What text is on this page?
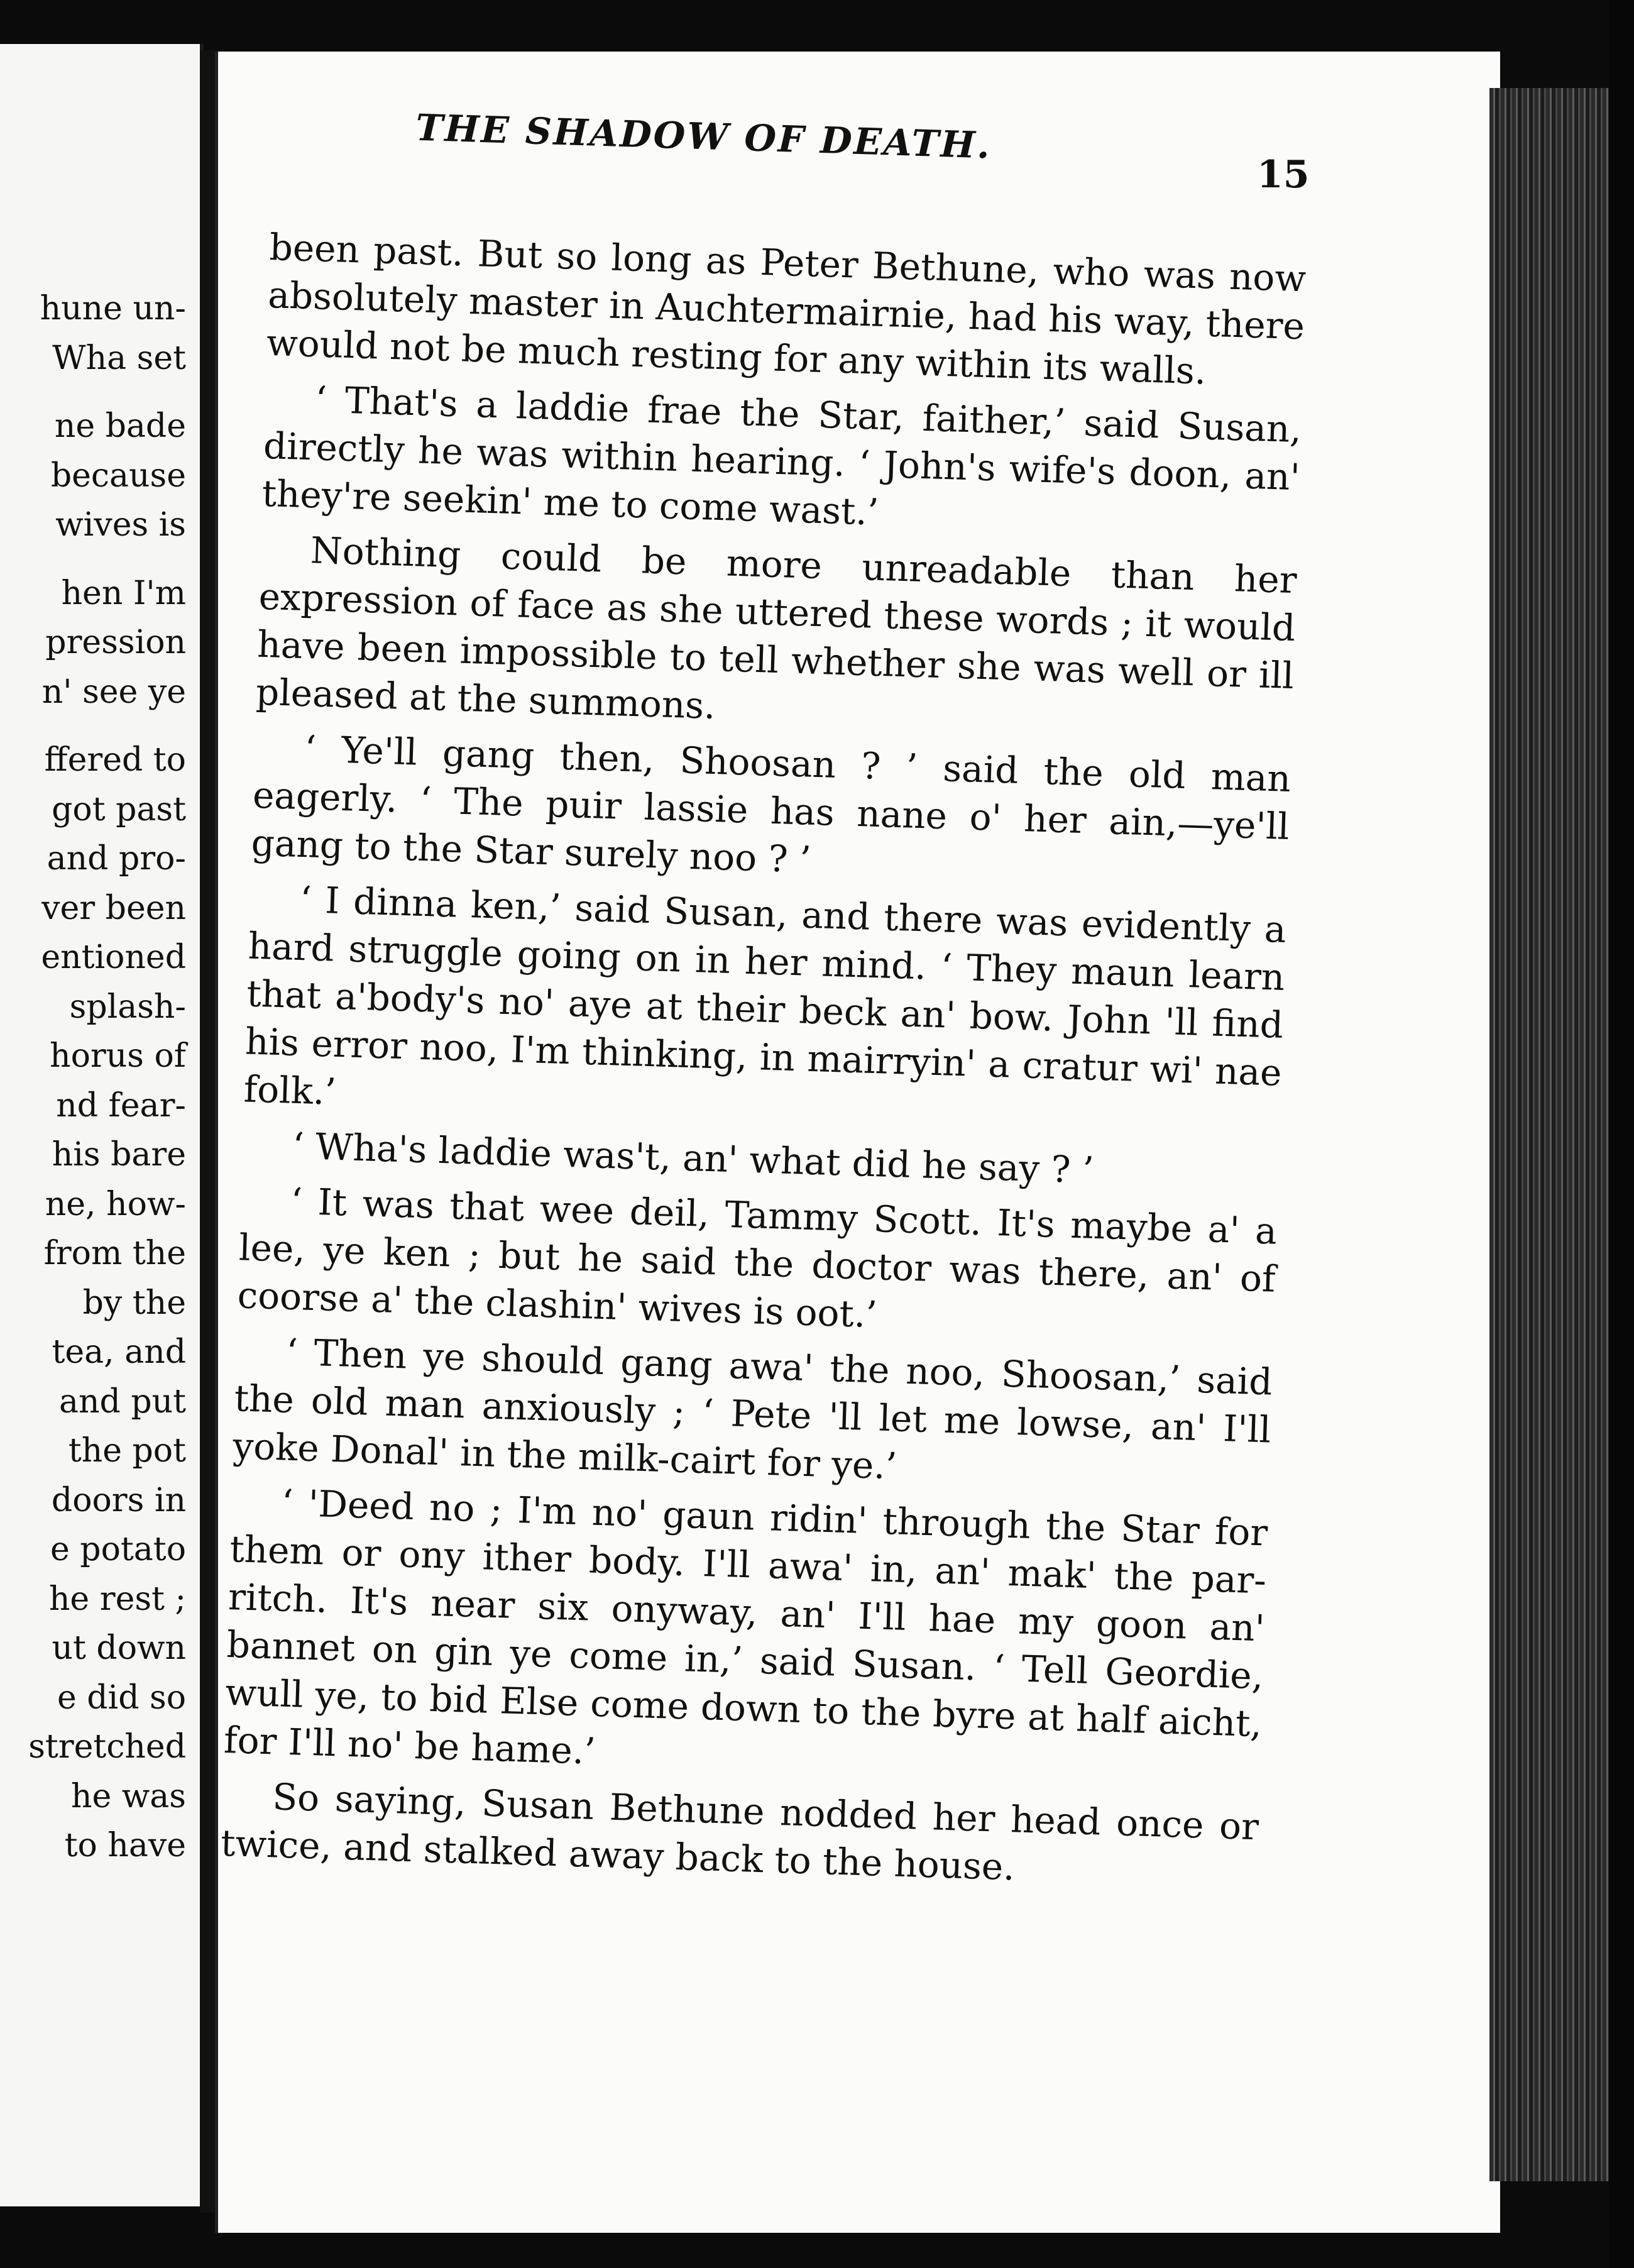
hune un-
Wha set
ne bade
because
wives is
hen I'm
pression
n' see ye
ffered to
got past
and pro-
ver been
entioned
splash-
horus of
nd fear-
his bare
ne, how-
from the
by the
tea, and
and put
the pot
doors in
e potato
he rest ;
ut down
e did so
stretched
he was
to have
THE SHADOW OF DEATH.
15

been past. But so long as Peter Bethune, who was now absolutely master in Auchtermairnie, had his way, there would not be much resting for any within its walls.

‘ That's a laddie frae the Star, faither,’ said Susan, directly he was within hearing. ‘ John's wife's doon, an' they're seekin' me to come wast.’

Nothing could be more unreadable than her expression of face as she uttered these words ; it would have been impossible to tell whether she was well or ill pleased at the summons.

‘ Ye'll gang then, Shoosan ? ’ said the old man eagerly. ‘ The puir lassie has nane o' her ain,—ye'll gang to the Star surely noo ? ’

‘ I dinna ken,’ said Susan, and there was evidently a hard struggle going on in her mind. ‘ They maun learn that a'body's no' aye at their beck an' bow. John 'll find his error noo, I'm thinking, in mairryin' a cratur wi' nae folk.’

‘ Wha's laddie was't, an' what did he say ? ’

‘ It was that wee deil, Tammy Scott. It's maybe a' a lee, ye ken ; but he said the doctor was there, an' of coorse a' the clashin' wives is oot.’

‘ Then ye should gang awa' the noo, Shoosan,’ said the old man anxiously ; ‘ Pete 'll let me lowse, an' I'll yoke Donal' in the milk-cairt for ye.’

‘ 'Deed no ; I'm no' gaun ridin' through the Star for them or ony ither body. I'll awa' in, an' mak' the par-ritch. It's near six onyway, an' I'll hae my goon an' bannet on gin ye come in,’ said Susan. ‘ Tell Geordie, wull ye, to bid Else come down to the byre at half aicht, for I'll no' be hame.’

So saying, Susan Bethune nodded her head once or twice, and stalked away back to the house.
